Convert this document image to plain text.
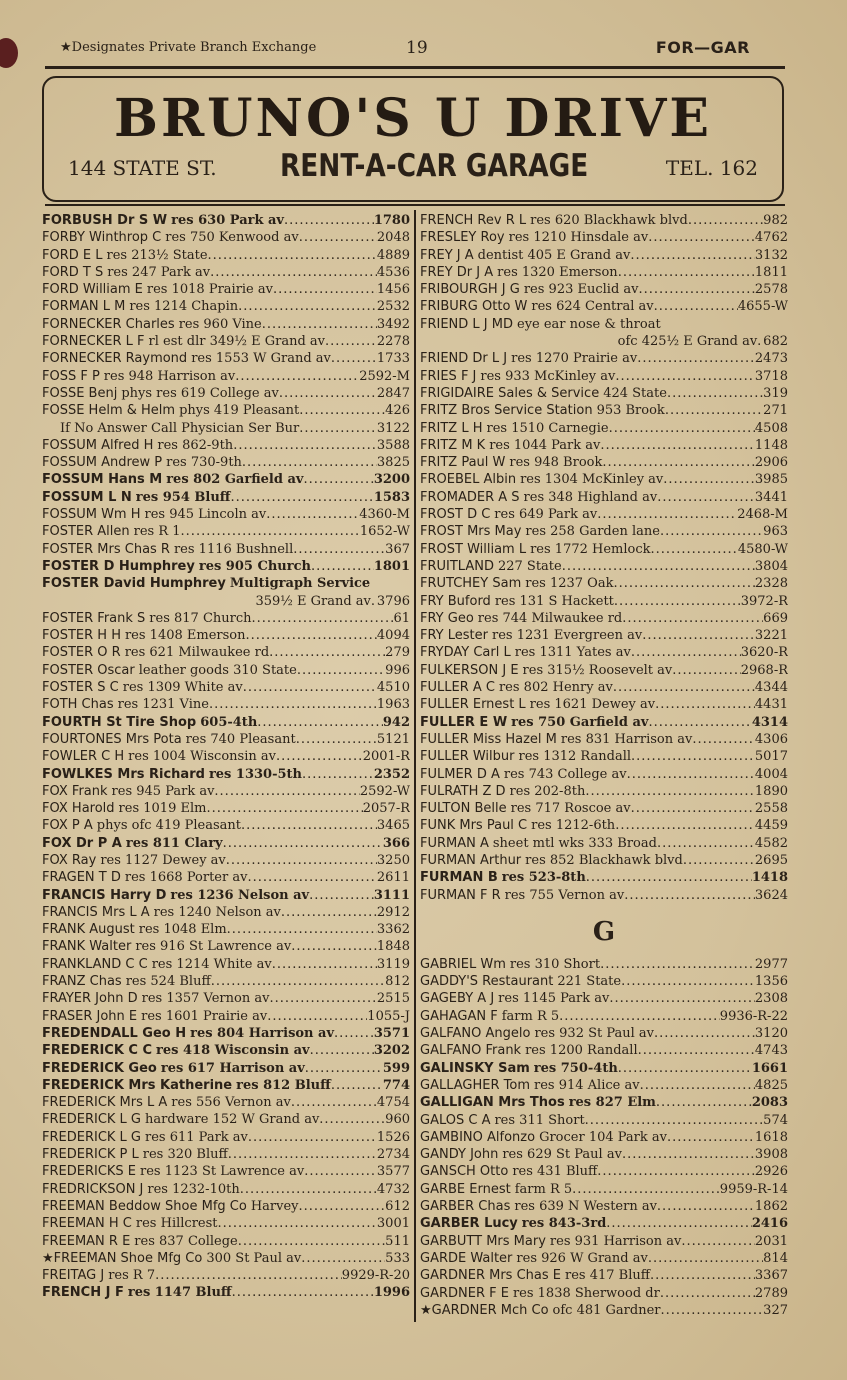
★Designates Private Branch Exchange	19	FOR—GAR
BRUNO'S U DRIVE
144 STATE ST. RENT-A-CAR GARAGE	TEL. 162
FORBUSH Dr S W res 630 Park av .....	1780
FORBY Winthrop C res 750 Kenwood av .....	2048
FORD E L res 213½ State .....	4889
FORD T S res 247 Park av .....	4536
FORD William E res 1018 Prairie av .....	1456
FORMAN L M res 1214 Chapin .....	2532
FORNECKER Charles res 960 Vine .....	3492
FORNECKER L F rl est dlr 349½ E Grand av .....	2278
FORNECKER Raymond res 1553 W Grand av .....	1733
FOSS F P res 948 Harrison av .....	2592-M
FOSSE Benj phys res 619 College av .....	2847
FOSSE Helm & Helm phys 419 Pleasant .....	426
If No Answer Call Physician Ser Bur .....	3122
FOSSUM Alfred H res 862-9th .....	3588
FOSSUM Andrew P res 730-9th .....	3825
FOSSUM Hans M res 802 Garfield av .....	3200
FOSSUM L N res 954 Bluff .....	1583
FOSSUM Wm H res 945 Lincoln av .....	4360-M
FOSTER Allen res R 1 .....	1652-W
FOSTER Mrs Chas R res 1116 Bushnell .....	367
FOSTER D Humphrey res 905 Church .....	1801
FOSTER David Humphrey Multigraph Service
359½ E Grand av ..... 3796
FOSTER Frank S res 817 Church .....	61
FOSTER H H res 1408 Emerson .....	4094
FOSTER O R res 621 Milwaukee rd .....	279
FOSTER Oscar leather goods 310 State .....	996
FOSTER S C res 1309 White av .....	4510
FOTH Chas res 1231 Vine .....	1963
FOURTH St Tire Shop 605-4th .....	942
FOURTONES Mrs Pota res 740 Pleasant .....	5121
FOWLER C H res 1004 Wisconsin av .....	2001-R
FOWLKES Mrs Richard res 1330-5th .....	2352
FOX Frank res 945 Park av .....	2592-W
FOX Harold res 1019 Elm .....	2057-R
FOX P A phys ofc 419 Pleasant .....	3465
FOX Dr P A res 811 Clary .....	366
FOX Ray res 1127 Dewey av .....	3250
FRAGEN T D res 1668 Porter av .....	2611
FRANCIS Harry D res 1236 Nelson av .....	3111
FRANCIS Mrs L A res 1240 Nelson av .....	2912
FRANK August res 1048 Elm .....	3362
FRANK Walter res 916 St Lawrence av .....	1848
FRANKLAND C C res 1214 White av .....	3119
FRANZ Chas res 524 Bluff .....	812
FRAYER John D res 1357 Vernon av .....	2515
FRASER John E res 1601 Prairie av .....	1055-J
FREDENDALL Geo H res 804 Harrison av .....	3571
FREDERICK C C res 418 Wisconsin av .....	3202
FREDERICK Geo res 617 Harrison av .....	599
FREDERICK Mrs Katherine res 812 Bluff .....	774
FREDERICK Mrs L A res 556 Vernon av .....	4754
FREDERICK L G hardware 152 W Grand av .....	960
FREDERICK L G res 611 Park av .....	1526
FREDERICK P L res 320 Bluff .....	2734
FREDERICKS E res 1123 St Lawrence av .....	3577
FREDRICKSON J res 1232-10th .....	4732
FREEMAN Beddow Shoe Mfg Co Harvey .....	612
FREEMAN H C res Hillcrest .....	3001
FREEMAN R E res 837 College .....	511
★FREEMAN Shoe Mfg Co 300 St Paul av .....	533
FREITAG J res R 7 .....	9929-R-20
FRENCH J F res 1147 Bluff .....	1996
FRENCH Rev R L res 620 Blackhawk blvd .....	982
FRESLEY Roy res 1210 Hinsdale av .....	4762
FREY J A dentist 405 E Grand av .....	3132
FREY Dr J A res 1320 Emerson .....	1811
FRIBOURGH J G res 923 Euclid av .....	2578
FRIBURG Otto W res 624 Central av .....	4655-W
FRIEND L J MD eye ear nose & throat
ofc 425½ E Grand av ..... 682
FRIEND Dr L J res 1270 Prairie av .....	2473
FRIES F J res 933 McKinley av .....	3718
FRIGIDAIRE Sales & Service 424 State .....	319
FRITZ Bros Service Station 953 Brook .....	271
FRITZ L H res 1510 Carnegie .....	4508
FRITZ M K res 1044 Park av .....	1148
FRITZ Paul W res 948 Brook .....	2906
FROEBEL Albin res 1304 McKinley av .....	3985
FROMADER A S res 348 Highland av .....	3441
FROST D C res 649 Park av .....	2468-M
FROST Mrs May res 258 Garden lane .....	963
FROST William L res 1772 Hemlock .....	4580-W
FRUITLAND 227 State .....	3804
FRUTCHEY Sam res 1237 Oak .....	2328
FRY Buford res 131 S Hackett .....	3972-R
FRY Geo res 744 Milwaukee rd .....	669
FRY Lester res 1231 Evergreen av .....	3221
FRYDAY Carl L res 1311 Yates av .....	3620-R
FULKERSON J E res 315½ Roosevelt av .....	2968-R
FULLER A C res 802 Henry av .....	4344
FULLER Ernest L res 1621 Dewey av .....	4431
FULLER E W res 750 Garfield av .....	4314
FULLER Miss Hazel M res 831 Harrison av .....	4306
FULLER Wilbur res 1312 Randall .....	5017
FULMER D A res 743 College av .....	4004
FULRATH Z D res 202-8th .....	1890
FULTON Belle res 717 Roscoe av .....	2558
FUNK Mrs Paul C res 1212-6th .....	4459
FURMAN A sheet mtl wks 333 Broad .....	4582
FURMAN Arthur res 852 Blackhawk blvd .....	2695
FURMAN B res 523-8th .....	1418
FURMAN F R res 755 Vernon av .....	3624
G
GABRIEL Wm res 310 Short .....	2977
GADDY'S Restaurant 221 State .....	1356
GAGEBY A J res 1145 Park av .....	2308
GAHAGAN F farm R 5 .....	9936-R-22
GALFANO Angelo res 932 St Paul av .....	3120
GALFANO Frank res 1200 Randall .....	4743
GALINSKY Sam res 750-4th .....	1661
GALLAGHER Tom res 914 Alice av .....	4825
GALLIGAN Mrs Thos res 827 Elm .....	2083
GALOS C A res 311 Short .....	574
GAMBINO Alfonzo Grocer 104 Park av .....	1618
GANDY John res 629 St Paul av .....	3908
GANSCH Otto res 431 Bluff .....	2926
GARBE Ernest farm R 5 .....	9959-R-14
GARBER Chas res 639 N Western av .....	1862
GARBER Lucy res 843-3rd .....	2416
GARBUTT Mrs Mary res 931 Harrison av .....	2031
GARDE Walter res 926 W Grand av .....	814
GARDNER Mrs Chas E res 417 Bluff .....	3367
GARDNER F E res 1838 Sherwood dr .....	2789
★GARDNER Mch Co ofc 481 Gardner .....	327
